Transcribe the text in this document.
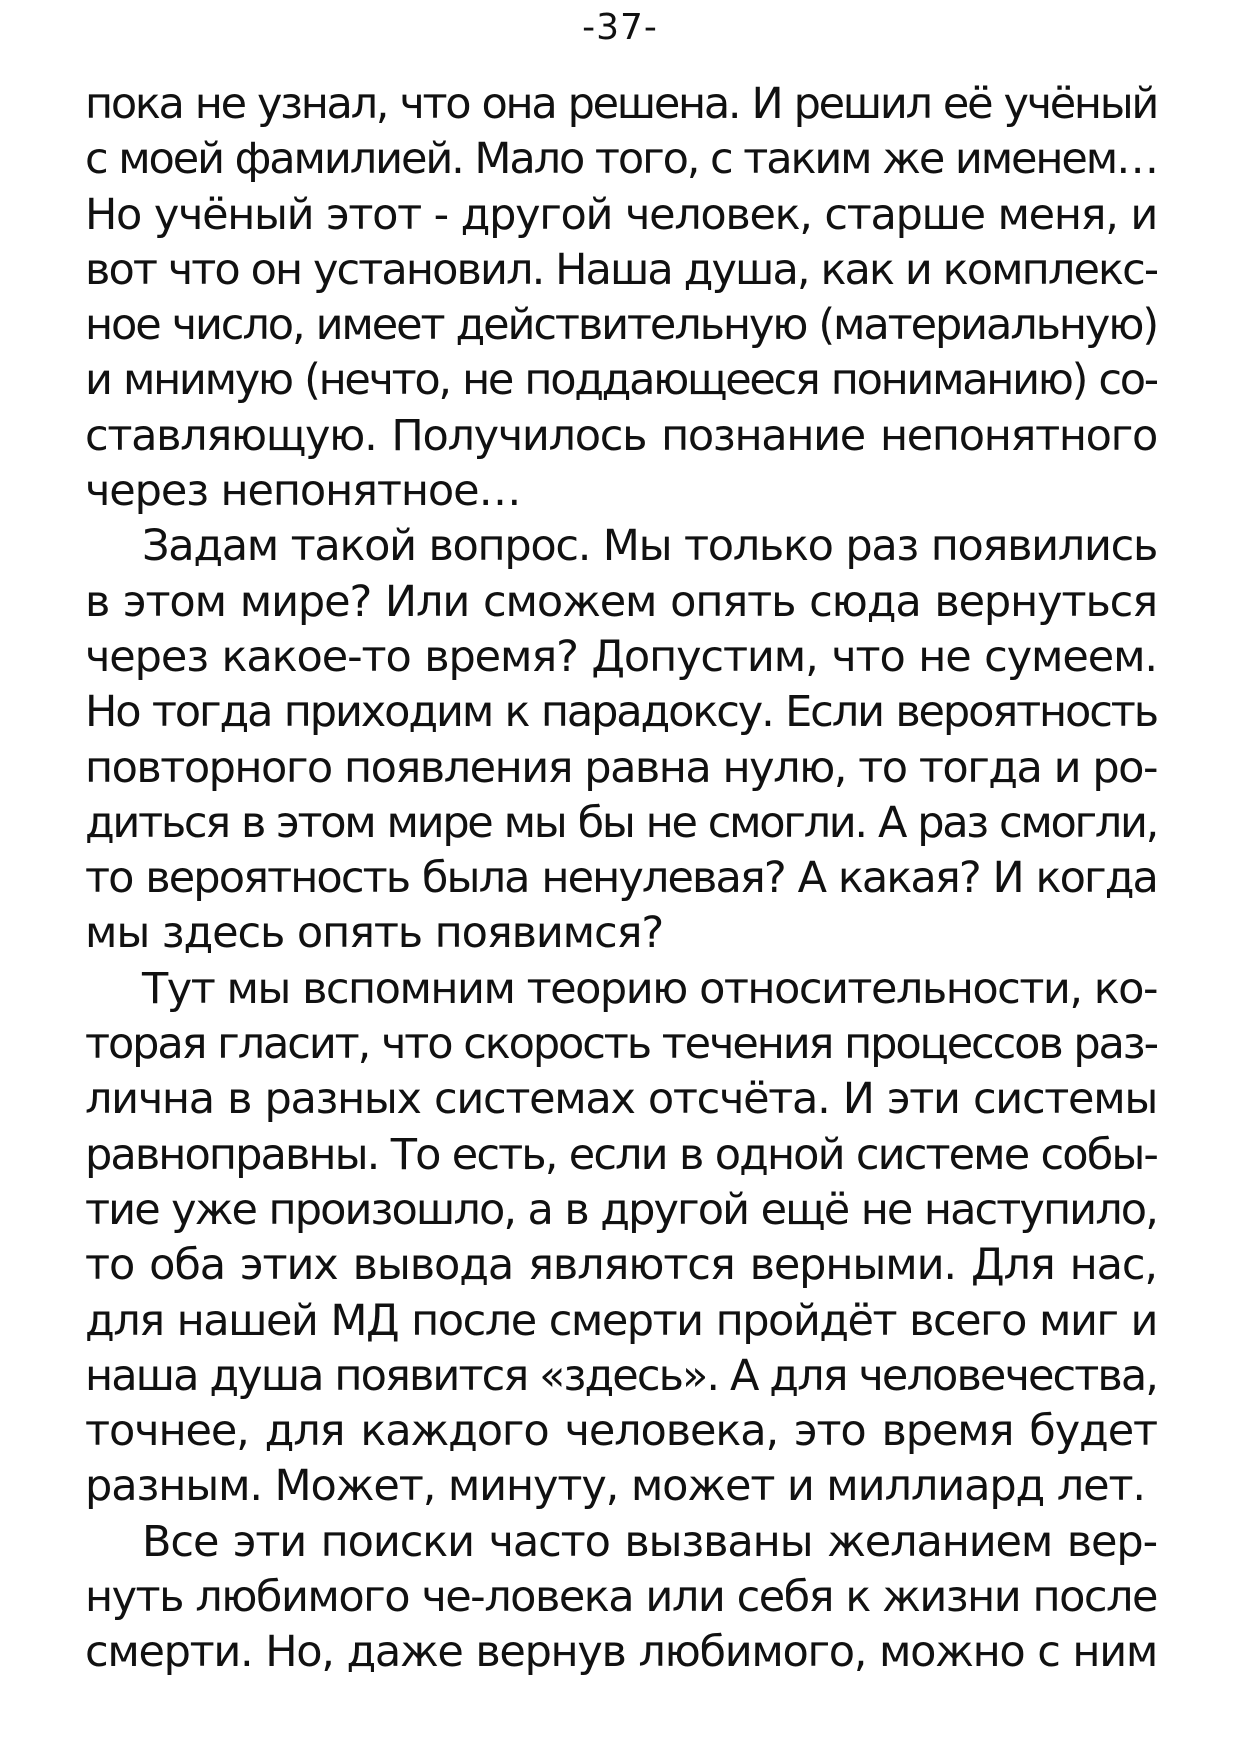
-37-
пока не узнал, что она решена. И решил её учёный
с моей фамилией. Мало того, с таким же именем…
Но учёный этот - другой человек, старше меня, и
вот что он установил. Наша душа, как и комплекс-
ное число, имеет действительную (материальную)
и мнимую (нечто, не поддающееся пониманию) со-
ставляющую. Получилось познание непонятного
через непонятное…
Задам такой вопрос. Мы только раз появились
в этом мире? Или сможем опять сюда вернуться
через какое-то время? Допустим, что не сумеем.
Но тогда приходим к парадоксу. Если вероятность
повторного появления равна нулю, то тогда и ро-
диться в этом мире мы бы не смогли. А раз смогли,
то вероятность была ненулевая? А какая? И когда
мы здесь опять появимся?
Тут мы вспомним теорию относительности, ко-
торая гласит, что скорость течения процессов раз-
лична в разных системах отсчёта. И эти системы
равноправны. То есть, если в одной системе собы-
тие уже произошло, а в другой ещё не наступило,
то оба этих вывода являются верными. Для нас,
для нашей МД после смерти пройдёт всего миг и
наша душа появится «здесь». А для человечества,
точнее, для каждого человека, это время будет
разным. Может, минуту, может и миллиард лет.
Все эти поиски часто вызваны желанием вер-
нуть любимого че-ловека или себя к жизни после
смерти. Но, даже вернув любимого, можно с ним
